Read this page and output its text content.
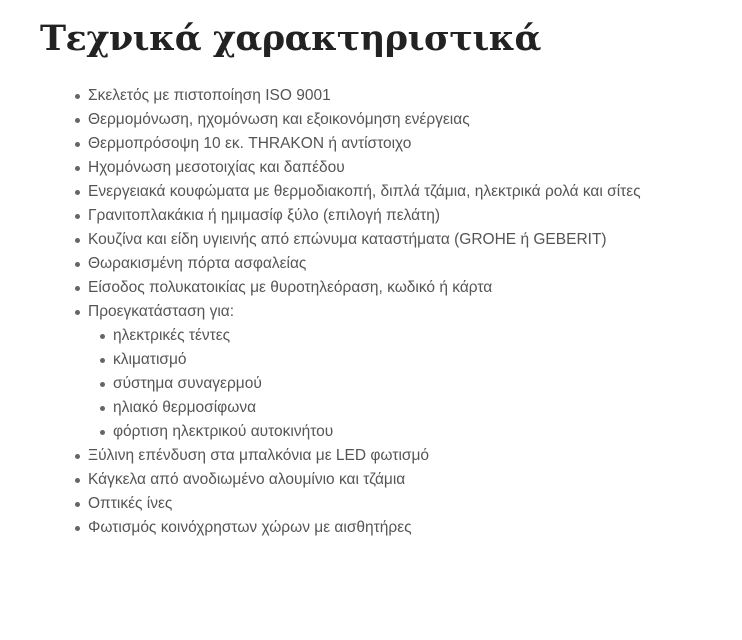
Τεχνικά χαρακτηριστικά
Σκελετός με πιστοποίηση ISO 9001
Θερμομόνωση, ηχομόνωση και εξοικονόμηση ενέργειας
Θερμοπρόσοψη 10 εκ. THRAKON ή αντίστοιχο
Ηχομόνωση μεσοτοιχίας και δαπέδου
Ενεργειακά κουφώματα με θερμοδιακοπή, διπλά τζάμια, ηλεκτρικά ρολά και σίτες
Γρανιτοπλακάκια ή ημιμασίφ ξύλο (επιλογή πελάτη)
Κουζίνα και είδη υγιεινής από επώνυμα καταστήματα (GROHE ή GEBERIT)
Θωρακισμένη πόρτα ασφαλείας
Είσοδος πολυκατοικίας με θυροτηλεόραση, κωδικό ή κάρτα
Προεγκατάσταση για:
ηλεκτρικές τέντες
κλιματισμό
σύστημα συναγερμού
ηλιακό θερμοσίφωνα
φόρτιση ηλεκτρικού αυτοκινήτου
Ξύλινη επένδυση στα μπαλκόνια με LED φωτισμό
Κάγκελα από ανοδιωμένο αλουμίνιο και τζάμια
Οπτικές ίνες
Φωτισμός κοινόχρηστων χώρων με αισθητήρες
